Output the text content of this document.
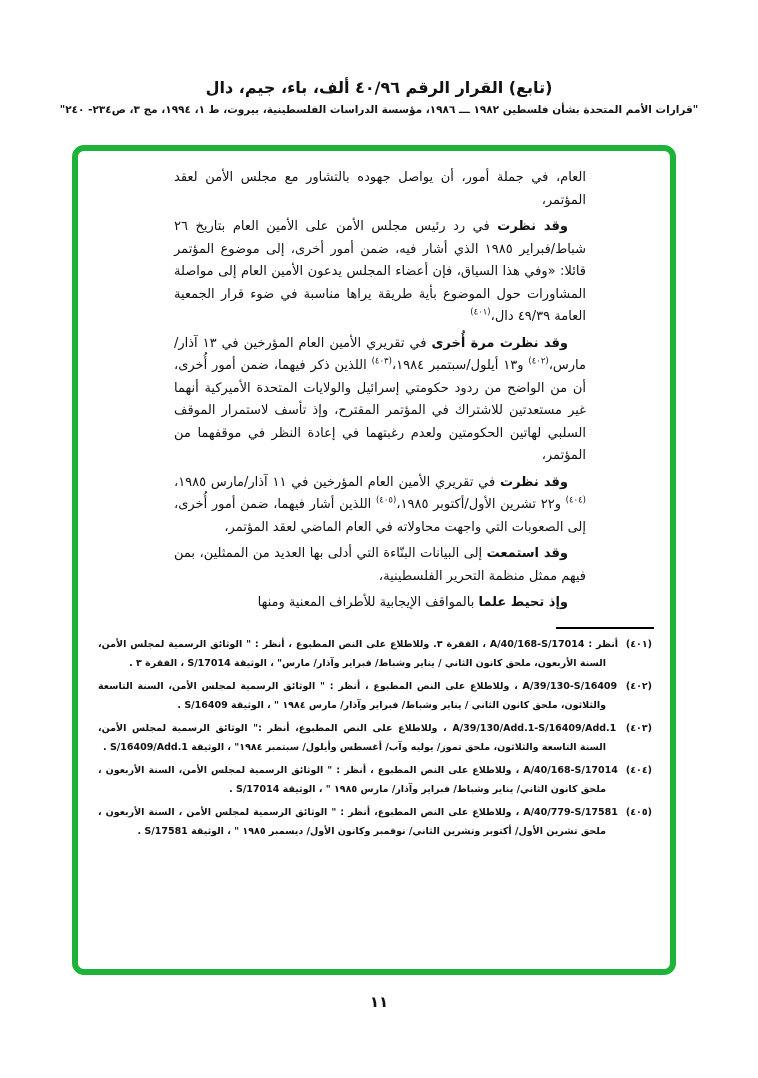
(تابع) القرار الرقم ٤٠/٩٦ ألف، باء، جيم، دال
"قرارات الأمم المتحدة بشأن فلسطين ١٩٨٢ ـــ ١٩٨٦، مؤسسة الدراسات الفلسطينية، بيروت، ط ١، ١٩٩٤، مج ٣، ص٢٣٤- ٢٤٠"

العام، في جملة أمور، أن يواصل جهوده بالتشاور مع مجلس الأمن لعقد المؤتمر،

وقد نظرت في رد رئيس مجلس الأمن على الأمين العام بتاريخ ٢٦ شباط/فبراير ١٩٨٥ الذي أشار فيه، ضمن أمور أخرى، إلى موضوع المؤتمر قائلا: «وفي هذا السياق، فإن أعضاء المجلس يدعون الأمين العام إلى مواصلة المشاورات حول الموضوع بأية طريقة يراها مناسبة في ضوء قرار الجمعية العامة ٤٩/٣٩ دال،$^{(٤٠١)}$

وقد نظرت مرة أُخرى في تقريري الأمين العام المؤرخين في ١٣ آذار/مارس،$^{(٤٠٢)}$ و١٣ أيلول/سبتمبر ١٩٨٤،$^{(٤٠٣)}$ اللذين ذكر فيهما، ضمن أمور أُخرى، أن من الواضح من ردود حكومتي إسرائيل والولايات المتحدة الأميركية أنهما غير مستعدتين للاشتراك في المؤتمر المقترح، وإذ تأسف لاستمرار الموقف السلبي لهاتين الحكومتين ولعدم رغبتهما في إعادة النظر في موقفهما من المؤتمر،

وقد نظرت في تقريري الأمين العام المؤرخين في ١١ آذار/مارس ١٩٨٥،$^{(٤٠٤)}$ و٢٢ تشرين الأول/أكتوبر ١٩٨٥،$^{(٤٠٥)}$ اللذين أشار فيهما، ضمن أمور أُخرى، إلى الصعوبات التي واجهت محاولاته في العام الماضي لعقد المؤتمر،

وقد استمعت إلى البيانات البنّاءة التي أدلى بها العديد من الممثلين، بمن فيهم ممثل منظمة التحرير الفلسطينية،

وإذ تحيط علما بالمواقف الإيجابية للأطراف المعنية ومنها

(٤٠١) أنظر : A/40/168-S/17014 ، الفقرة ٣. وللاطلاع على النص المطبوع ، أنظر : " الوثائق الرسمية لمجلس الأمن، السنة الأربعون، ملحق كانون الثاني / يناير وشباط/ فبراير وآذار/ مارس" ، الوثيقة S/17014 ، الفقرة ٣ .
(٤٠٢) A/39/130-S/16409 ، وللاطلاع على النص المطبوع ، أنظر : " الوثائق الرسمية لمجلس الأمن، السنة التاسعة والثلاثون، ملحق كانون الثاني / يناير وشباط/ فبراير وآذار/ مارس ١٩٨٤ " ، الوثيقة S/16409 .
(٤٠٣) A/39/130/Add.1-S/16409/Add.1 ، وللاطلاع على النص المطبوع، أنظر :" الوثائق الرسمية لمجلس الأمن، السنة التاسعة والثلاثون، ملحق تموز/ يوليه وآب/ أغسطس وأيلول/ سبتمبر ١٩٨٤" ، الوثيقة S/16409/Add.1 .
(٤٠٤) A/40/168-S/17014 ، وللاطلاع على النص المطبوع ، أنظر : " الوثائق الرسمية لمجلس الأمن، السنة الأربعون ، ملحق كانون الثاني/ يناير وشباط/ فبراير وآذار/ مارس ١٩٨٥ " ، الوثيقة S/17014 .
(٤٠٥) A/40/779-S/17581 ، وللاطلاع على النص المطبوع، أنظر : " الوثائق الرسمية لمجلس الأمن ، السنة الأربعون ، ملحق تشرين الأول/ أكتوبر وتشرين الثاني/ نوفمبر وكانون الأول/ ديسمبر ١٩٨٥ " ، الوثيقة S/17581 .
١١
